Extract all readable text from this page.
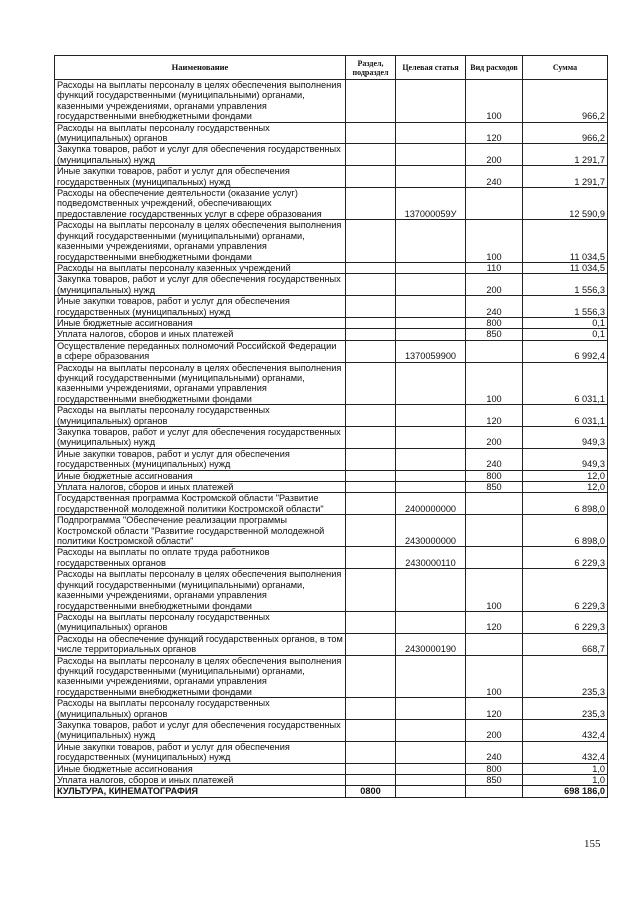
Наименование	Раздел, подраздел	Целевая статья	Вид расходов	Сумма
Расходы на выплаты персоналу в целях обеспечения выполнения функций государственными (муниципальными) органами, казенными учреждениями, органами управления государственными внебюджетными фондами			100	966,2
Расходы на выплаты персоналу государственных (муниципальных) органов			120	966,2
Закупка товаров, работ и услуг для обеспечения государственных (муниципальных) нужд			200	1 291,7
Иные закупки товаров, работ и услуг для обеспечения государственных (муниципальных) нужд			240	1 291,7
Расходы на обеспечение деятельности (оказание услуг) подведомственных учреждений, обеспечивающих предоставление государственных услуг в сфере образования		137000059У		12 590,9
Расходы на выплаты персоналу в целях обеспечения выполнения функций государственными (муниципальными) органами, казенными учреждениями, органами управления государственными внебюджетными фондами			100	11 034,5
Расходы на выплаты персоналу казенных учреждений			110	11 034,5
Закупка товаров, работ и услуг для обеспечения государственных (муниципальных) нужд			200	1 556,3
Иные закупки товаров, работ и услуг для обеспечения государственных (муниципальных) нужд			240	1 556,3
Иные бюджетные ассигнования			800	0,1
Уплата налогов, сборов и иных платежей			850	0,1
Осуществление переданных полномочий Российской Федерации в сфере образования		1370059900		6 992,4
Расходы на выплаты персоналу в целях обеспечения выполнения функций государственными (муниципальными) органами, казенными учреждениями, органами управления государственными внебюджетными фондами			100	6 031,1
Расходы на выплаты персоналу государственных (муниципальных) органов			120	6 031,1
Закупка товаров, работ и услуг для обеспечения государственных (муниципальных) нужд			200	949,3
Иные закупки товаров, работ и услуг для обеспечения государственных (муниципальных) нужд			240	949,3
Иные бюджетные ассигнования			800	12,0
Уплата налогов, сборов и иных платежей			850	12,0
Государственная программа Костромской области "Развитие государственной молодежной политики Костромской области"		2400000000		6 898,0
Подпрограмма "Обеспечение реализации программы Костромской области "Развитие государственной молодежной политики Костромской области"		2430000000		6 898,0
Расходы на выплаты по оплате труда работников государственных органов		2430000110		6 229,3
Расходы на выплаты персоналу в целях обеспечения выполнения функций государственными (муниципальными) органами, казенными учреждениями, органами управления государственными внебюджетными фондами			100	6 229,3
Расходы на выплаты персоналу государственных (муниципальных) органов			120	6 229,3
Расходы на обеспечение функций государственных органов, в том числе территориальных органов		2430000190		668,7
Расходы на выплаты персоналу в целях обеспечения выполнения функций государственными (муниципальными) органами, казенными учреждениями, органами управления государственными внебюджетными фондами			100	235,3
Расходы на выплаты персоналу государственных (муниципальных) органов			120	235,3
Закупка товаров, работ и услуг для обеспечения государственных (муниципальных) нужд			200	432,4
Иные закупки товаров, работ и услуг для обеспечения государственных (муниципальных) нужд			240	432,4
Иные бюджетные ассигнования			800	1,0
Уплата налогов, сборов и иных платежей			850	1,0
КУЛЬТУРА, КИНЕМАТОГРАФИЯ	0800			698 186,0
155
